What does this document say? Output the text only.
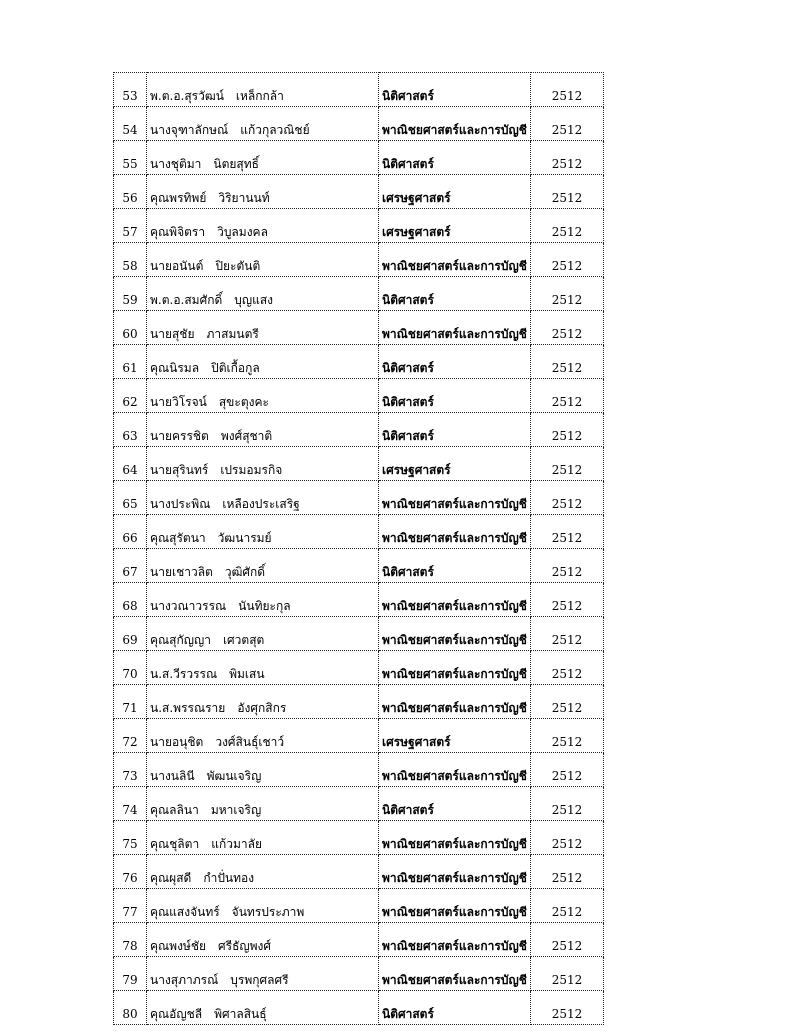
53	พ.ต.อ.สุรวัฒน์ เหล็กกล้า	นิติศาสตร์	2512
54	นางจุฑาลักษณ์ แก้วกุลวณิชย์	พาณิชยศาสตร์และการบัญชี	2512
55	นางชุติมา นิตยสุทธิ์	นิติศาสตร์	2512
56	คุณพรทิพย์ วิริยานนท์	เศรษฐศาสตร์	2512
57	คุณพิจิตรา วิบูลมงคล	เศรษฐศาสตร์	2512
58	นายอนันต์ ปิยะตันติ	พาณิชยศาสตร์และการบัญชี	2512
59	พ.ต.อ.สมศักดิ์ บุญแสง	นิติศาสตร์	2512
60	นายสุชัย ภาสมนตรี	พาณิชยศาสตร์และการบัญชี	2512
61	คุณนิรมล ปิติเกื้อกูล	นิติศาสตร์	2512
62	นายวิโรจน์ สุขะตุงคะ	นิติศาสตร์	2512
63	นายครรชิต พงศ์สุชาติ	นิติศาสตร์	2512
64	นายสุรินทร์ เปรมอมรกิจ	เศรษฐศาสตร์	2512
65	นางประพิณ เหลืองประเสริฐ	พาณิชยศาสตร์และการบัญชี	2512
66	คุณสุรัตนา วัฒนารมย์	พาณิชยศาสตร์และการบัญชี	2512
67	นายเชาวลิต วุฒิศักดิ์	นิติศาสตร์	2512
68	นางวณาวรรณ นันทิยะกุล	พาณิชยศาสตร์และการบัญชี	2512
69	คุณสุกัญญา เศวตสุต	พาณิชยศาสตร์และการบัญชี	2512
70	น.ส.วีรวรรณ พิมเสน	พาณิชยศาสตร์และการบัญชี	2512
71	น.ส.พรรณราย อังศุกสิกร	พาณิชยศาสตร์และการบัญชี	2512
72	นายอนุชิต วงศ์สินธุ์เชาว์	เศรษฐศาสตร์	2512
73	นางนลินี พัฒนเจริญ	พาณิชยศาสตร์และการบัญชี	2512
74	คุณลลินา มหาเจริญ	นิติศาสตร์	2512
75	คุณชุลิตา แก้วมาลัย	พาณิชยศาสตร์และการบัญชี	2512
76	คุณผุสดี กำปั่นทอง	พาณิชยศาสตร์และการบัญชี	2512
77	คุณแสงจันทร์ จันทรประภาพ	พาณิชยศาสตร์และการบัญชี	2512
78	คุณพงษ์ชัย ศรีธัญพงศ์	พาณิชยศาสตร์และการบัญชี	2512
79	นางสุภาภรณ์ บุรพกุศลศรี	พาณิชยศาสตร์และการบัญชี	2512
80	คุณอัญชลี พิศาลสินธุ์	นิติศาสตร์	2512
